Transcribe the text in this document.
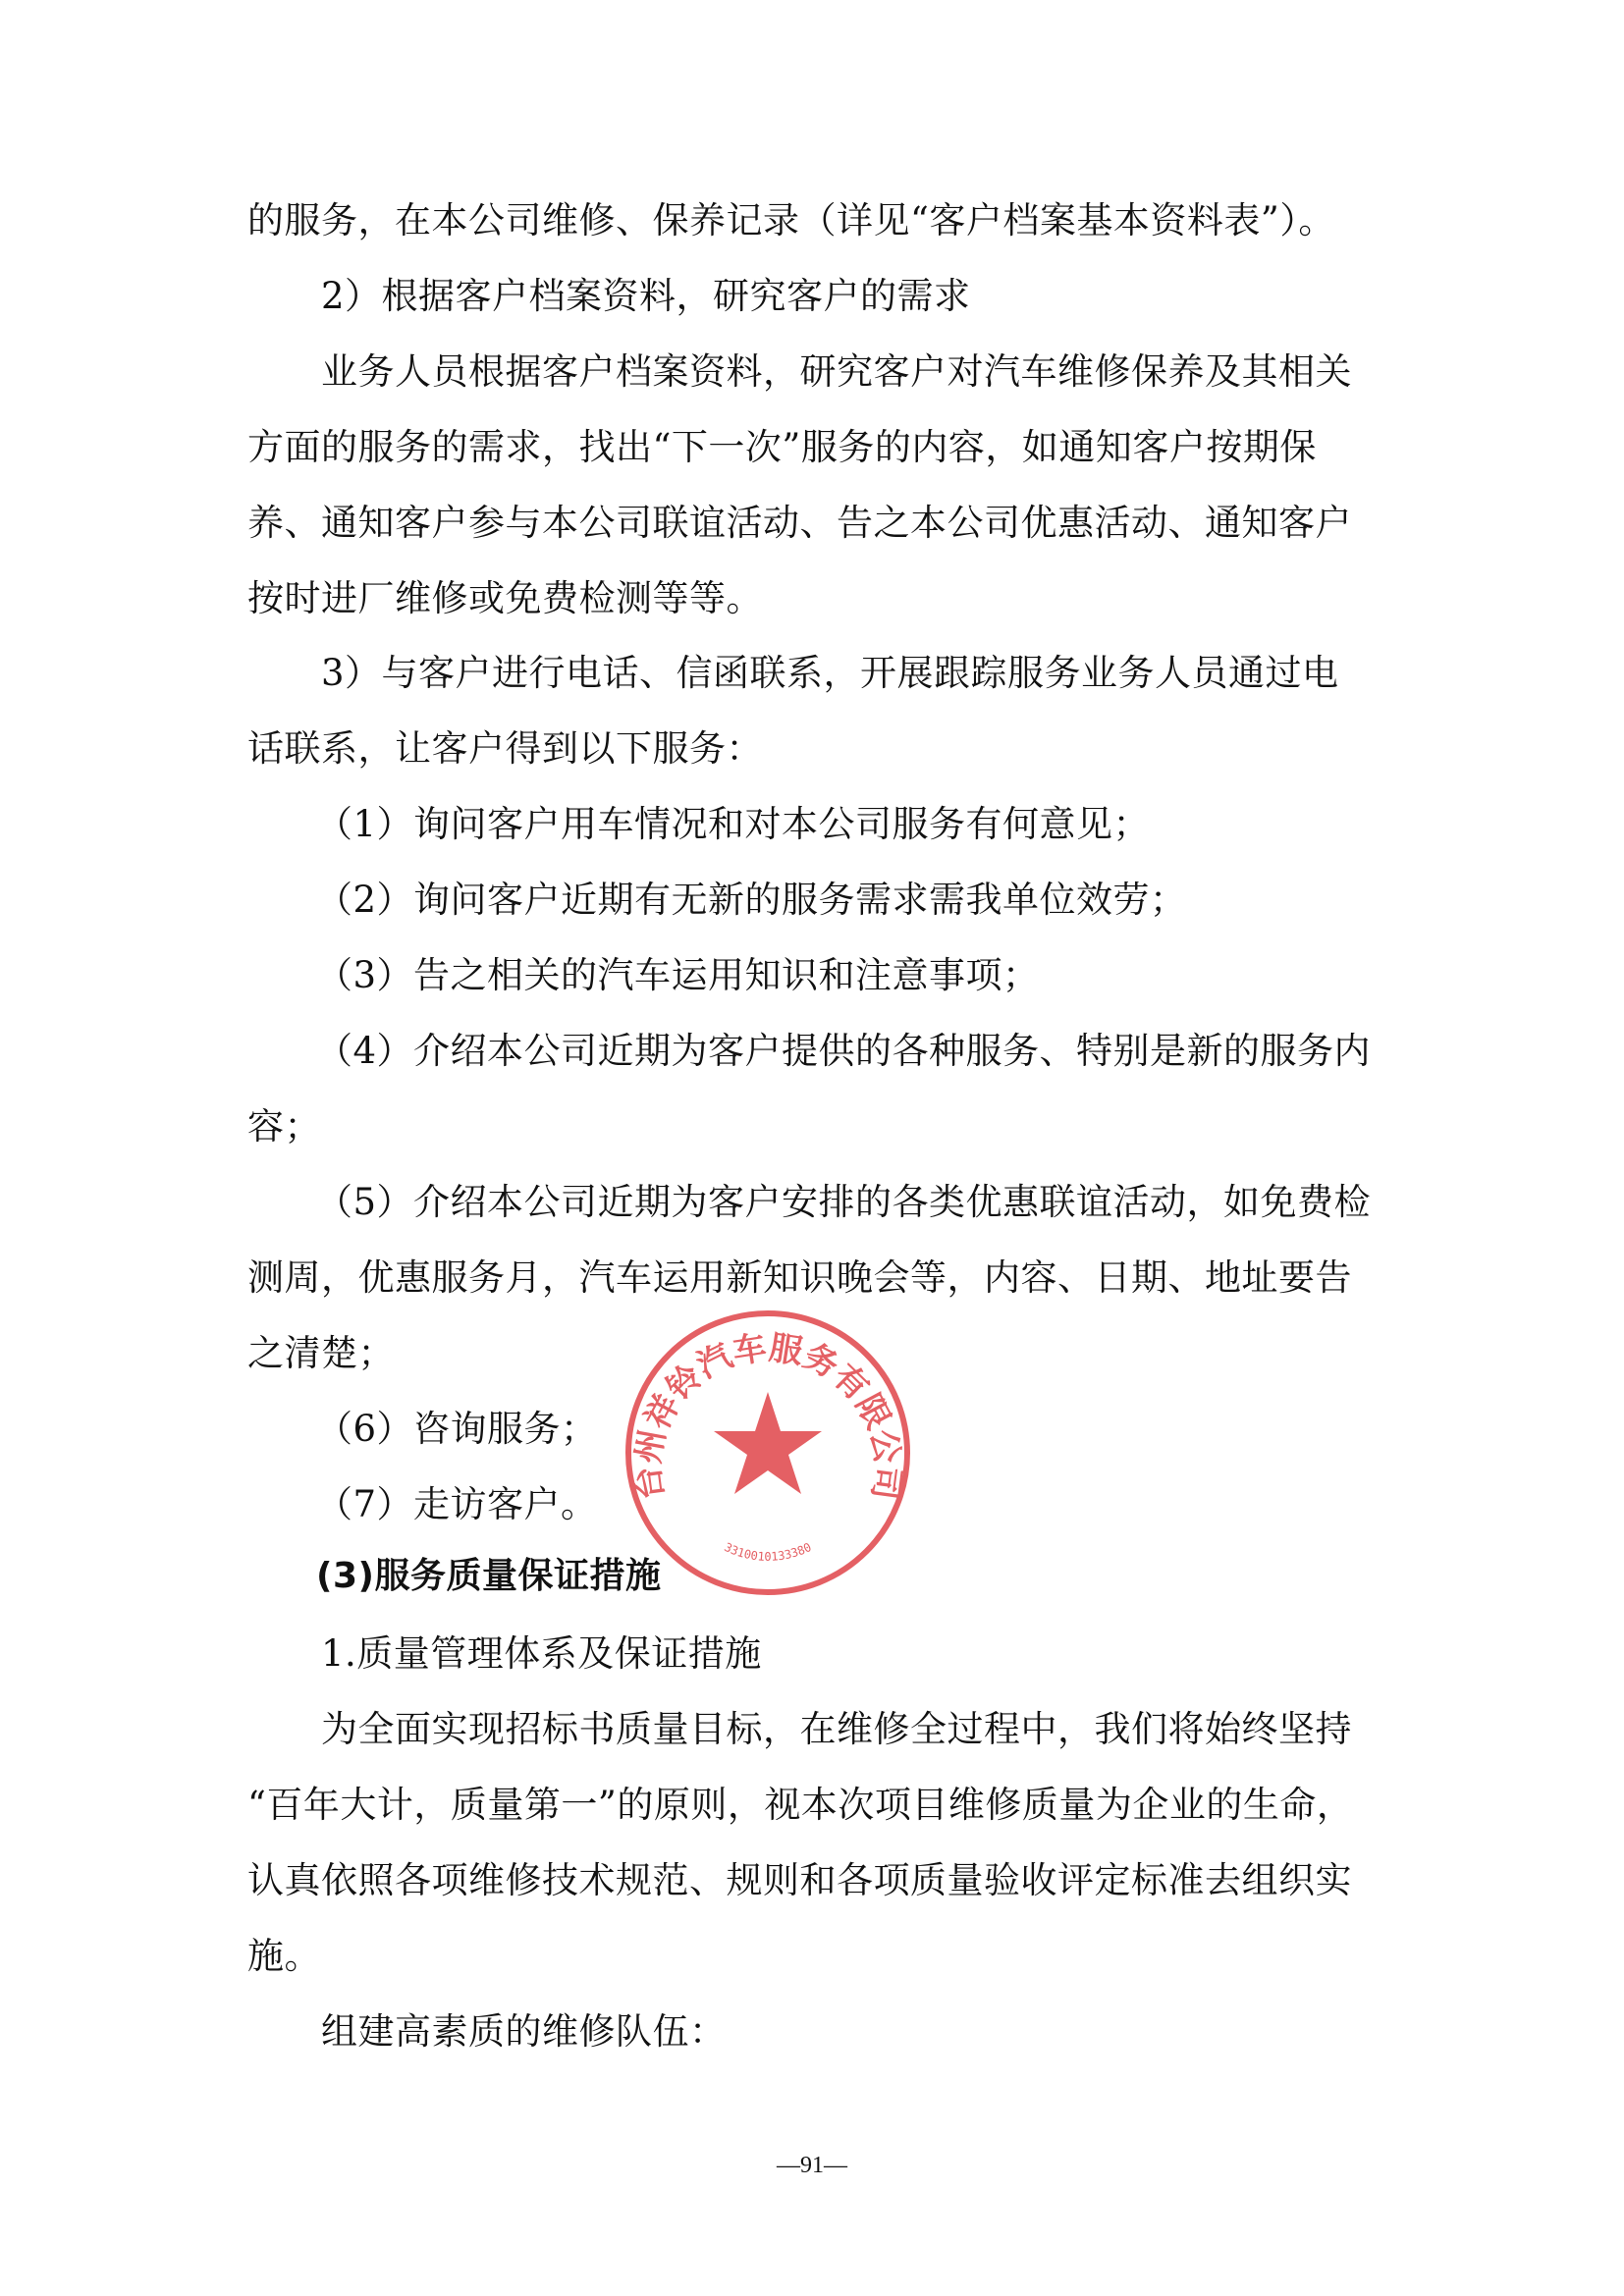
的服务，在本公司维修、保养记录（详见“客户档案基本资料表”）。
2）根据客户档案资料，研究客户的需求
业务人员根据客户档案资料，研究客户对汽车维修保养及其相关
方面的服务的需求，找出“下一次”服务的内容，如通知客户按期保
养、通知客户参与本公司联谊活动、告之本公司优惠活动、通知客户
按时进厂维修或免费检测等等。
3）与客户进行电话、信函联系，开展跟踪服务业务人员通过电
话联系，让客户得到以下服务：
（1）询问客户用车情况和对本公司服务有何意见；
（2）询问客户近期有无新的服务需求需我单位效劳；
（3）告之相关的汽车运用知识和注意事项；
（4）介绍本公司近期为客户提供的各种服务、特别是新的服务内
容；
（5）介绍本公司近期为客户安排的各类优惠联谊活动，如免费检
测周，优惠服务月，汽车运用新知识晚会等，内容、日期、地址要告
之清楚；
（6）咨询服务；
（7）走访客户。
(3)服务质量保证措施
1.质量管理体系及保证措施
为全面实现招标书质量目标，在维修全过程中，我们将始终坚持
“百年大计，质量第一”的原则，视本次项目维修质量为企业的生命，
认真依照各项维修技术规范、规则和各项质量验收评定标准去组织实
施。
组建高素质的维修队伍：
台州祥铃汽车服务有限公司
3310010133380
—91—
